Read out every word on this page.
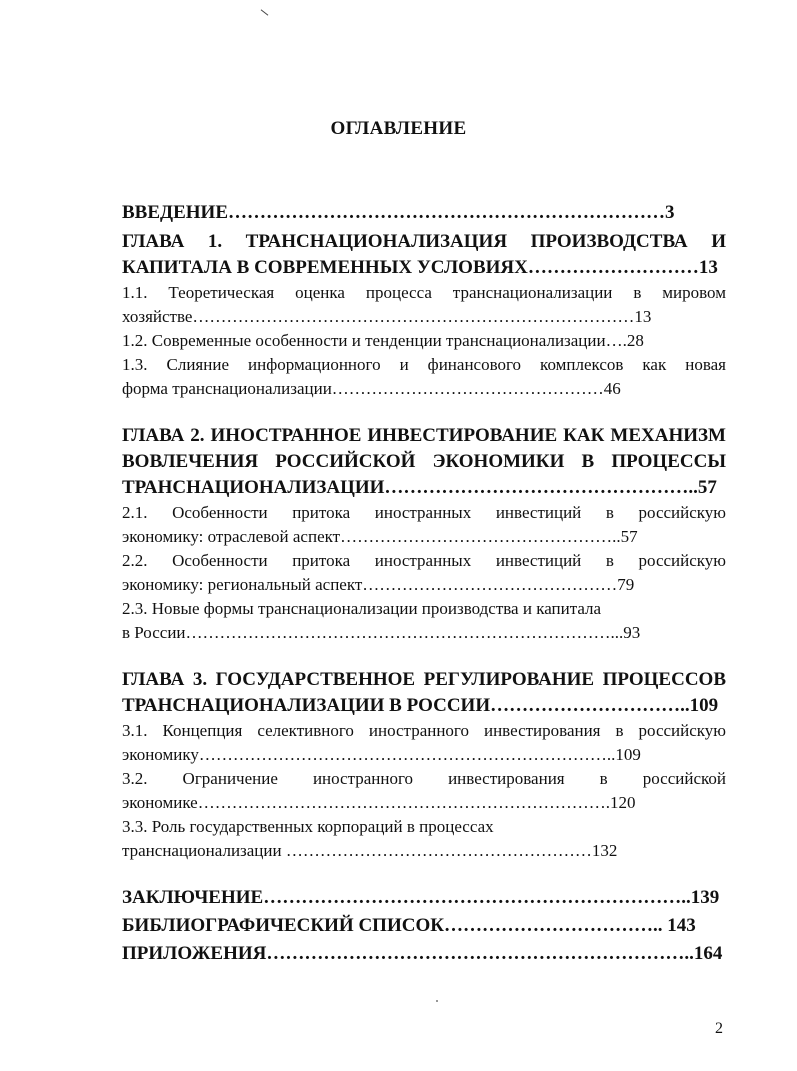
ОГЛАВЛЕНИЕ
ВВЕДЕНИЕ……………………………………………………………3
ГЛАВА 1. ТРАНСНАЦИОНАЛИЗАЦИЯ ПРОИЗВОДСТВА И
КАПИТАЛА В СОВРЕМЕННЫХ УСЛОВИЯХ………………………13
1.1. Теоретическая оценка процесса транснационализации в мировом
хозяйстве……………………………………………………………………13
1.2. Современные особенности и тенденции транснационализации….28
1.3. Слияние информационного и финансового комплексов как новая
форма транснационализации…………………………………………46
ГЛАВА 2. ИНОСТРАННОЕ ИНВЕСТИРОВАНИЕ КАК МЕХАНИЗМ
ВОВЛЕЧЕНИЯ РОССИЙСКОЙ ЭКОНОМИКИ В ПРОЦЕССЫ
ТРАНСНАЦИОНАЛИЗАЦИИ…………………………………………..57
2.1. Особенности притока иностранных инвестиций в российскую
экономику: отраслевой аспект…………………………………………..57
2.2. Особенности притока иностранных инвестиций в российскую
экономику: региональный аспект………………………………………79
2.3. Новые формы транснационализации производства и капитала
в России…………………………………………………………………...93
ГЛАВА 3. ГОСУДАРСТВЕННОЕ РЕГУЛИРОВАНИЕ ПРОЦЕССОВ
ТРАНСНАЦИОНАЛИЗАЦИИ В РОССИИ…………………………..109
3.1. Концепция селективного иностранного инвестирования в российскую
экономику………………………………………………………………..109
3.2. Ограничение иностранного инвестирования в российской
экономике……………………………………………………………….120
3.3. Роль государственных корпораций в процессах
транснационализации ………………………………………………132
ЗАКЛЮЧЕНИЕ…………………………………………………………..139
БИБЛИОГРАФИЧЕСКИЙ СПИСОК…………………………….. 143
ПРИЛОЖЕНИЯ…………………………………………………………..164
2
